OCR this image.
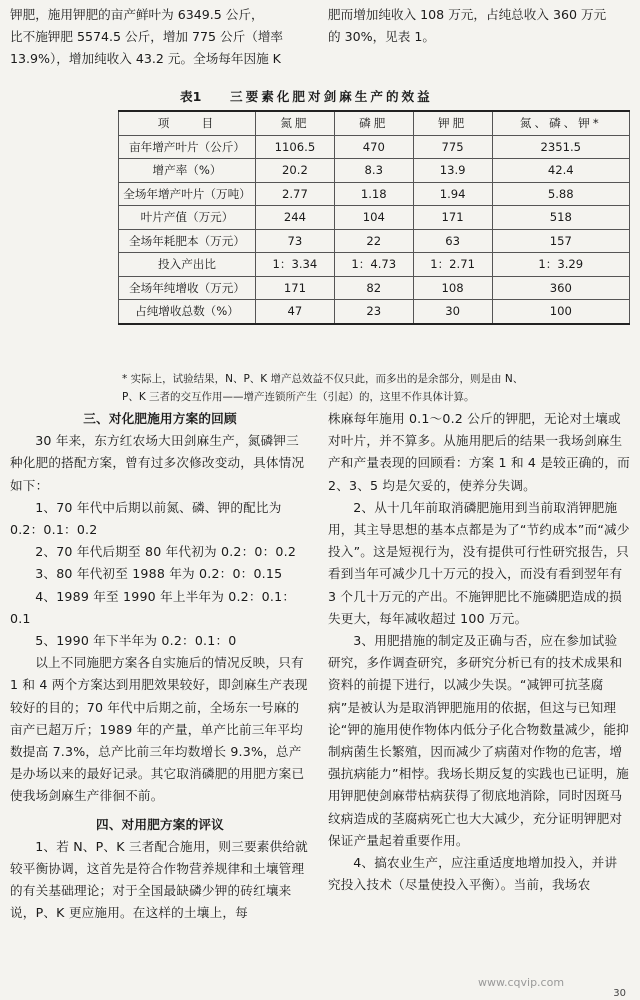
钾肥，施用钾肥的亩产鲜叶为 6349.5 公斤，

比不施钾肥 5574.5 公斤，增加 775 公斤（增率

13.9%），增加纯收入 43.2 元。全场每年因施 K

肥而增加纯收入 108 万元，占纯总收入 360 万元

的 30%，见表 1。

表1 三要素化肥对剑麻生产的效益
项　　目	氮肥	磷肥	钾肥	氮、磷、钾*
亩年增产叶片（公斤）	1106.5	470	775	2351.5
增产率（%）	20.2	8.3	13.9	42.4
全场年增产叶片（万吨）	2.77	1.18	1.94	5.88
叶片产值（万元）	244	104	171	518
全场年耗肥本（万元）	73	22	63	157
投入产出比	1：3.34	1：4.73	1：2.71	1：3.29
全场年纯增收（万元）	171	82	108	360
占纯增收总数（%）	47	23	30	100

* 实际上，试验结果，N、P、K 增产总效益不仅只此，而多出的是余部分，则是由 N、

P、K 三者的交互作用——增产连锁所产生（引起）的，这里不作具体计算。

三、对化肥施用方案的回顾

30 年来，东方红农场大田剑麻生产，氮磷钾三种化肥的搭配方案，曾有过多次修改变动，具体情况如下：

1、70 年代中后期以前氮、磷、钾的配比为 0.2：0.1：0.2

2、70 年代后期至 80 年代初为 0.2：0：0.2

3、80 年代初至 1988 年为 0.2：0：0.15

4、1989 年至 1990 年上半年为 0.2：0.1：0.1

5、1990 年下半年为 0.2：0.1：0

以上不同施肥方案各自实施后的情况反映，只有 1 和 4 两个方案达到用肥效果较好，即剑麻生产表现较好的目的；70 年代中后期之前，全场东一号麻的亩产已超万斤；1989 年的产量，单产比前三年平均数提高 7.3%，总产比前三年均数增长 9.3%，总产是办场以来的最好记录。其它取消磷肥的用肥方案已使我场剑麻生产徘徊不前。

四、对用肥方案的评议

1、若 N、P、K 三者配合施用，则三要素供给就较平衡协调，这首先是符合作物营养规律和土壤管理的有关基础理论；对于全国最缺磷少钾的砖红壤来说，P、K 更应施用。在这样的土壤上，每

株麻每年施用 0.1～0.2 公斤的钾肥，无论对土壤或对叶片，并不算多。从施用肥后的结果一我场剑麻生产和产量表现的回顾看：方案 1 和 4 是较正确的，而 2、3、5 均是欠妥的，使养分失调。

2、从十几年前取消磷肥施用到当前取消钾肥施用，其主导思想的基本点都是为了“节约成本”而“减少投入”。这是短视行为，没有提供可行性研究报告，只看到当年可减少几十万元的投入，而没有看到翌年有 3 个几十万元的产出。不施钾肥比不施磷肥造成的损失更大，每年减收超过 100 万元。

3、用肥措施的制定及正确与否，应在参加试验研究，多作调查研究，多研究分析已有的技术成果和资料的前提下进行，以减少失误。“减钾可抗茎腐病”是被认为是取消钾肥施用的依据，但这与已知理论“钾的施用使作物体内低分子化合物数量减少，能抑制病菌生长繁殖，因而减少了病菌对作物的危害，增强抗病能力”相悖。我场长期反复的实践也已证明，施用钾肥使剑麻带枯病获得了彻底地消除，同时因斑马纹病造成的茎腐病死亡也大大减少，充分证明钾肥对保证产量起着重要作用。

4、搞农业生产，应注重适度地增加投入，并讲究投入技术（尽量使投入平衡）。当前，我场农

www.cqvip.com
30
